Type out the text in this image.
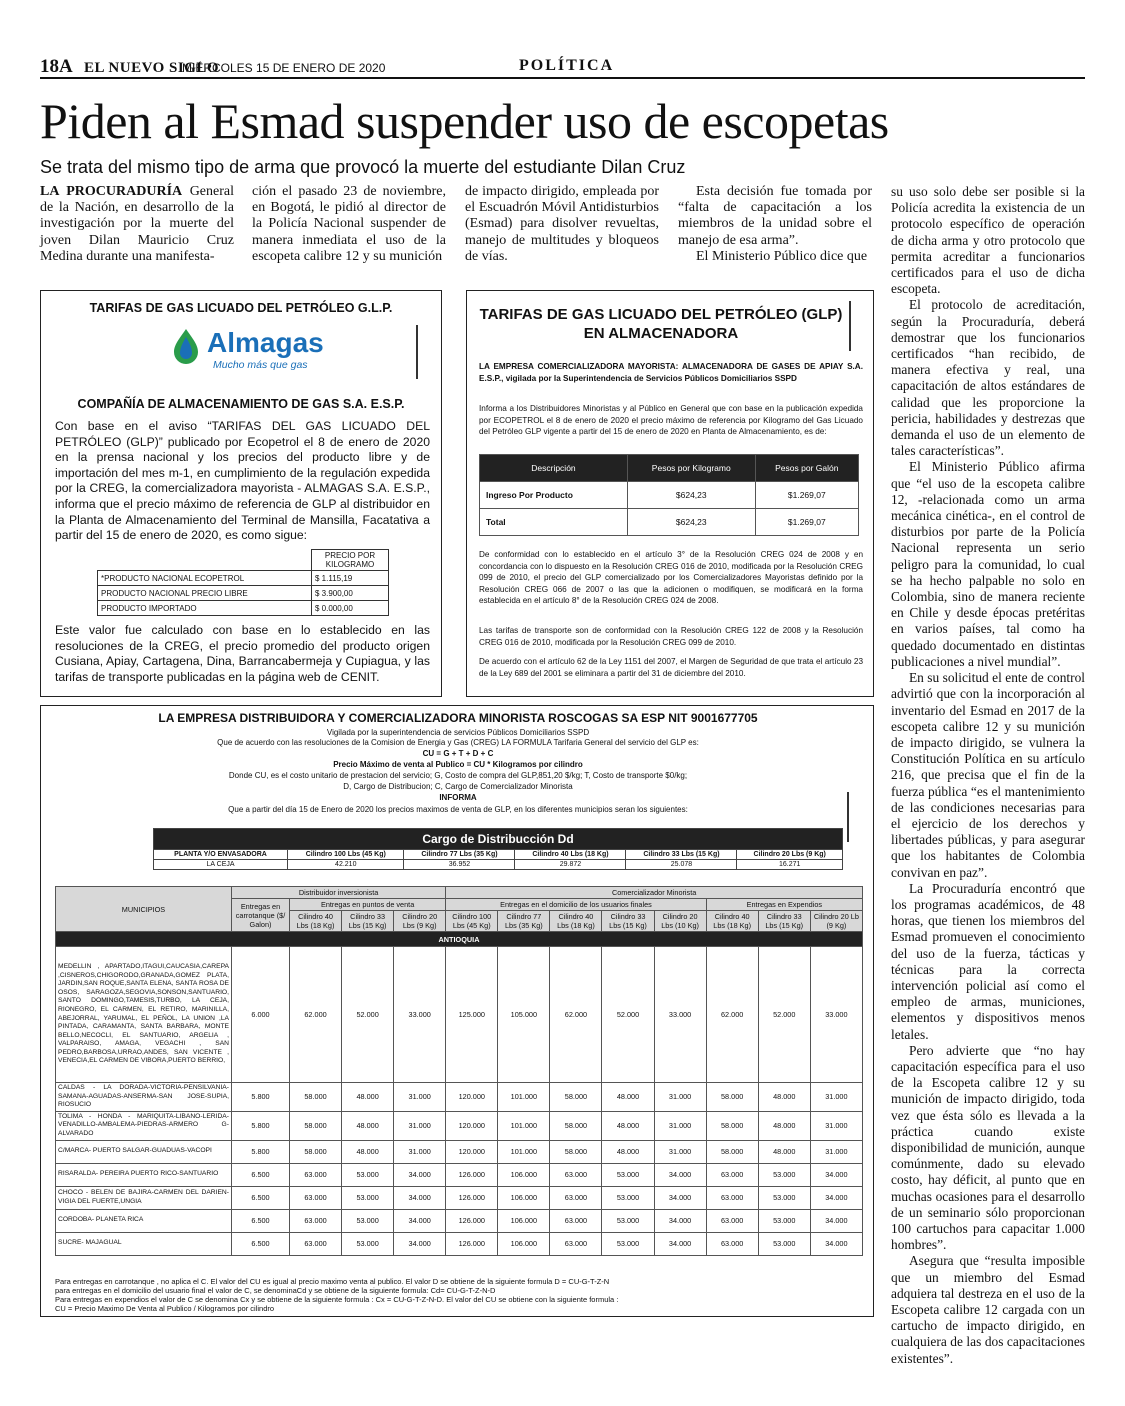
18A EL NUEVO SIGLO
MIÉRCOLES 15 DE ENERO DE 2020	POLÍTICA
Piden al Esmad suspender uso de escopetas
Se trata del mismo tipo de arma que provocó la muerte del estudiante Dilan Cruz

LA PROCURADURÍA General de la Nación, en desarrollo de la investigación por la muerte del joven Dilan Mauricio Cruz Medina durante una manifesta-

ción el pasado 23 de noviembre, en Bogotá, le pidió al director de la Policía Nacional suspender de manera inmediata el uso de la escopeta calibre 12 y su munición

de impacto dirigido, empleada por el Escuadrón Móvil Antidisturbios (Esmad) para disolver revueltas, manejo de multitudes y bloqueos de vías.

Esta decisión fue tomada por “falta de capacitación a los miembros de la unidad sobre el manejo de esa arma”.

El Ministerio Público dice que

su uso solo debe ser posible si la Policía acredita la existencia de un protocolo específico de operación de dicha arma y otro protocolo que permita acreditar a funcionarios certificados para el uso de dicha escopeta.

El protocolo de acreditación, según la Procuraduría, deberá demostrar que los funcionarios certificados “han recibido, de manera efectiva y real, una capacitación de altos estándares de calidad que les proporcione la pericia, habilidades y destrezas que demanda el uso de un elemento de tales características”.

El Ministerio Público afirma que “el uso de la escopeta calibre 12, -relacionada como un arma mecánica cinética-, en el control de disturbios por parte de la Policía Nacional representa un serio peligro para la comunidad, lo cual se ha hecho palpable no solo en Colombia, sino de manera reciente en Chile y desde épocas pretéritas en varios países, tal como ha quedado documentado en distintas publicaciones a nivel mundial”.

En su solicitud el ente de control advirtió que con la incorporación al inventario del Esmad en 2017 de la escopeta calibre 12 y su munición de impacto dirigido, se vulnera la Constitución Política en su artículo 216, que precisa que el fin de la fuerza pública “es el mantenimiento de las condiciones necesarias para el ejercicio de los derechos y libertades públicas, y para asegurar que los habitantes de Colombia convivan en paz”.

La Procuraduría encontró que los programas académicos, de 48 horas, que tienen los miembros del Esmad promueven el conocimiento del uso de la fuerza, tácticas y técnicas para la correcta intervención policial así como el empleo de armas, municiones, elementos y dispositivos menos letales.

Pero advierte que “no hay capacitación específica para el uso de la Escopeta calibre 12 y su munición de impacto dirigido, toda vez que ésta sólo es llevada a la práctica cuando existe disponibilidad de munición, aunque comúnmente, dado su elevado costo, hay déficit, al punto que en muchas ocasiones para el desarrollo de un seminario sólo proporcionan 100 cartuchos para capacitar 1.000 hombres”.

Asegura que “resulta imposible que un miembro del Esmad adquiera tal destreza en el uso de la Escopeta calibre 12 cargada con un cartucho de impacto dirigido, en cualquiera de las dos capacitaciones existentes”.

TARIFAS DE GAS LICUADO DEL PETRÓLEO G.L.P.
Almagas
Mucho más que gas
COMPAÑÍA DE ALMACENAMIENTO DE GAS S.A. E.S.P.

Con base en el aviso “TARIFAS DEL GAS LICUADO DEL PETRÓLEO (GLP)” publicado por Ecopetrol el 8 de enero de 2020 en la prensa nacional y los precios del producto libre y de importación del mes m-1, en cumplimiento de la regulación expedida por la CREG, la comercializadora mayorista - ALMAGAS S.A. E.S.P., informa que el precio máximo de referencia de GLP al distribuidor en la Planta de Almacenamiento del Terminal de Mansilla, Facatativa a partir del 15 de enero de 2020, es como sigue:

	PRECIO POR KILOGRAMO
*PRODUCTO NACIONAL ECOPETROL	$ 1.115,19
PRODUCTO NACIONAL PRECIO LIBRE	$ 3.900,00
PRODUCTO IMPORTADO	$ 0.000,00
Este valor fue calculado con base en lo establecido en las resoluciones de la CREG, el precio promedio del producto origen Cusiana, Apiay, Cartagena, Dina, Barrancabermeja y Cupiagua, y las tarifas de transporte publicadas en la página web de CENIT.
TARIFAS DE GAS LICUADO DEL PETRÓLEO (GLP)
EN ALMACENADORA
LA EMPRESA COMERCIALIZADORA MAYORISTA: ALMACENADORA DE GASES DE APIAY S.A. E.S.P., vigilada por la Superintendencia de Servicios Públicos Domiciliarios SSPD
Informa a los Distribuidores Minoristas y al Público en General que con base en la publicación expedida por ECOPETROL el 8 de enero de 2020 el precio máximo de referencia por Kilogramo del Gas Licuado del Petróleo GLP vigente a partir del 15 de enero de 2020 en Planta de Almacenamiento, es de:
Descripción	Pesos por Kilogramo	Pesos por Galón
Ingreso Por Producto	$624,23	$1.269,07
Total	$624,23	$1.269,07
De conformidad con lo establecido en el artículo 3° de la Resolución CREG 024 de 2008 y en concordancia con lo dispuesto en la Resolución CREG 016 de 2010, modificada por la Resolución CREG 099 de 2010, el precio del GLP comercializado por los Comercializadores Mayoristas definido por la Resolución CREG 066 de 2007 o las que la adicionen o modifiquen, se modificará en la forma establecida en el artículo 8° de la Resolución CREG 024 de 2008.
Las tarifas de transporte son de conformidad con la Resolución CREG 122 de 2008 y la Resolución CREG 016 de 2010, modificada por la Resolución CREG 099 de 2010.
De acuerdo con el artículo 62 de la Ley 1151 del 2007, el Margen de Seguridad de que trata el artículo 23 de la Ley 689 del 2001 se eliminara a partir del 31 de diciembre del 2010.
LA EMPRESA DISTRIBUIDORA Y COMERCIALIZADORA MINORISTA ROSCOGAS SA ESP NIT 9001677705
Vigilada por la superintendencia de servicios Públicos Domiciliarios SSPD
Que de acuerdo con las resoluciones de la Comision de Energia y Gas (CREG) LA FORMULA Tarifaria General del servicio del GLP es:
CU = G + T + D + C
Precio Máximo de venta al Publico = CU * Kilogramos por cilindro
Donde CU, es el costo unitario de prestacion del servicio; G, Costo de compra del GLP,851,20 $/kg; T, Costo de transporte $0/kg;
D, Cargo de Distribucion; C, Cargo de Comercializador Minorista
INFORMA
Que a partir del día 15 de Enero de 2020 los precios maximos de venta de GLP, en los diferentes municipios seran los siguientes:
Cargo de Distribucción Dd					
PLANTA Y/O ENVASADORA	Cilindro 100 Lbs (45 Kg)	Cilindro 77 Lbs (35 Kg)	Cilindro 40 Lbs (18 Kg)	Cilindro 33 Lbs (15 Kg)	Cilindro 20 Lbs (9 Kg)
LA CEJA	42.210	36.952	29.872	25.078	16.271
MUNICIPIOS	Distribuidor inversionista				Comercializador Minorista							
	Entregas en carrotanque ($/ Galon)	Entregas en puntos de venta			Entregas en el domicilio de los usuarios finales					Entregas en Expendios		
		Cilindro 40 Lbs (18 Kg)	Cilindro 33 Lbs (15 Kg)	Cilindro 20 Lbs (9 Kg)	Cilindro 100 Lbs (45 Kg)	Cilindro 77 Lbs (35 Kg)	Cilindro 40 Lbs (18 Kg)	Cilindro 33 Lbs (15 Kg)	Cilindro 20 Lbs (10 Kg)	Cilindro 40 Lbs (18 Kg)	Cilindro 33 Lbs (15 Kg)	Cilindro 20 Lb (9 Kg)
ANTIOQUIA												
MEDELLIN , APARTADO,ITAGUI,CAUCASIA,CAREPA ,CISNEROS,CHIGORODO,GRANADA,GOMEZ PLATA, JARDIN,SAN ROQUE,SANTA ELENA, SANTA ROSA DE OSOS, SARAGOZA,SEGOVIA,SONSON,SANTUARIO, SANTO DOMINGO,TAMESIS,TURBO, LA CEJA, RIONEGRO, EL CARMEN, EL RETIRO, MARINILLA, ABEJORRAL, YARUMAL, EL PEÑOL, LA UNION ,LA PINTADA, CARAMANTA, SANTA BARBARA, MONTE BELLO,NECOCLI, EL SANTUARIO, ARGELIA , VALPARAISO, AMAGA, VEGACHI , SAN PEDRO,BARBOSA,URRAO,ANDES, SAN VICENTE , VENECIA,EL CARMEN DE VIBORA,PUERTO BERRIO,	6.000	62.000	52.000	33.000	125.000	105.000	62.000	52.000	33.000	62.000	52.000	33.000
CALDAS - LA DORADA-VICTORIA-PENSILVANIA-SAMANA-AGUADAS-ANSERMA-SAN JOSE-SUPIA, RIOSUCIO	5.800	58.000	48.000	31.000	120.000	101.000	58.000	48.000	31.000	58.000	48.000	31.000
TOLIMA - HONDA - MARIQUITA-LIBANO-LERIDA-VENADILLO-AMBALEMA-PIEDRAS-ARMERO G-ALVARADO	5.800	58.000	48.000	31.000	120.000	101.000	58.000	48.000	31.000	58.000	48.000	31.000
C/MARCA- PUERTO SALGAR-GUADUAS-VACOPI	5.800	58.000	48.000	31.000	120.000	101.000	58.000	48.000	31.000	58.000	48.000	31.000
RISARALDA- PEREIRA PUERTO RICO-SANTUARIO	6.500	63.000	53.000	34.000	126.000	106.000	63.000	53.000	34.000	63.000	53.000	34.000
CHOCO - BELEN DE BAJIRA-CARMEN DEL DARIEN-VIGIA DEL FUERTE,UNGIA	6.500	63.000	53.000	34.000	126.000	106.000	63.000	53.000	34.000	63.000	53.000	34.000
CORDOBA- PLANETA RICA	6.500	63.000	53.000	34.000	126.000	106.000	63.000	53.000	34.000	63.000	53.000	34.000
SUCRE- MAJAGUAL	6.500	63.000	53.000	34.000	126.000	106.000	63.000	53.000	34.000	63.000	53.000	34.000
Para entregas en carrotanque , no aplica el C. El valor del CU es igual al precio maximo venta al publico. El valor D se obtiene de la siguiente formula D = CU-G-T-Z-N
para entregas en el domicilio del usuario final el valor de C, se denominaCd y se obtiene de la siguiente formula: Cd= CU-G-T-Z-N-D
Para entregas en expendios el valor de C se denomina Cx y se obtiene de la siguiente formula : Cx = CU-G-T-Z-N-D. El valor del CU se obtiene con la siguiente formula :
CU = Precio Maximo De Venta al Publico / Kilogramos por cilindro
